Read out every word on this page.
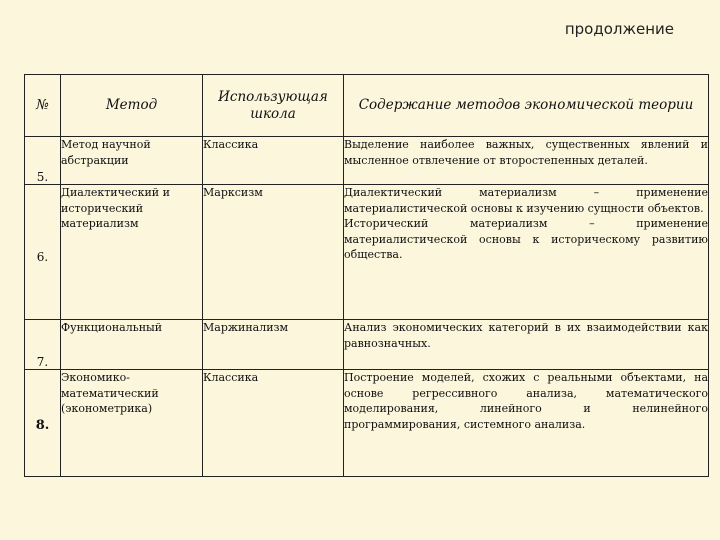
продолжение
№	Метод	Использующая школа	Содержание методов экономической теории
5.	Метод научной абстракции	Классика	Выделение наиболее важных, существенных явлений и мысленное отвлечение от второстепенных деталей.

6.	Диалектический и исторический материализм	Марксизм	Диалектический материализм – применение материалистической основы к изучению сущности объектов.
Исторический материализм – применение материалистической основы к историческому развитию общества.

7.	Функциональный	Маржинализм	Анализ экономических категорий в их взаимодействии как равнозначных.

8.	Экономико-математический (эконометрика)	Классика	Построение моделей, схожих с реальными объектами, на основе регрессивного анализа, математического моделирования, линейного и нелинейного программирования, системного анализа.
